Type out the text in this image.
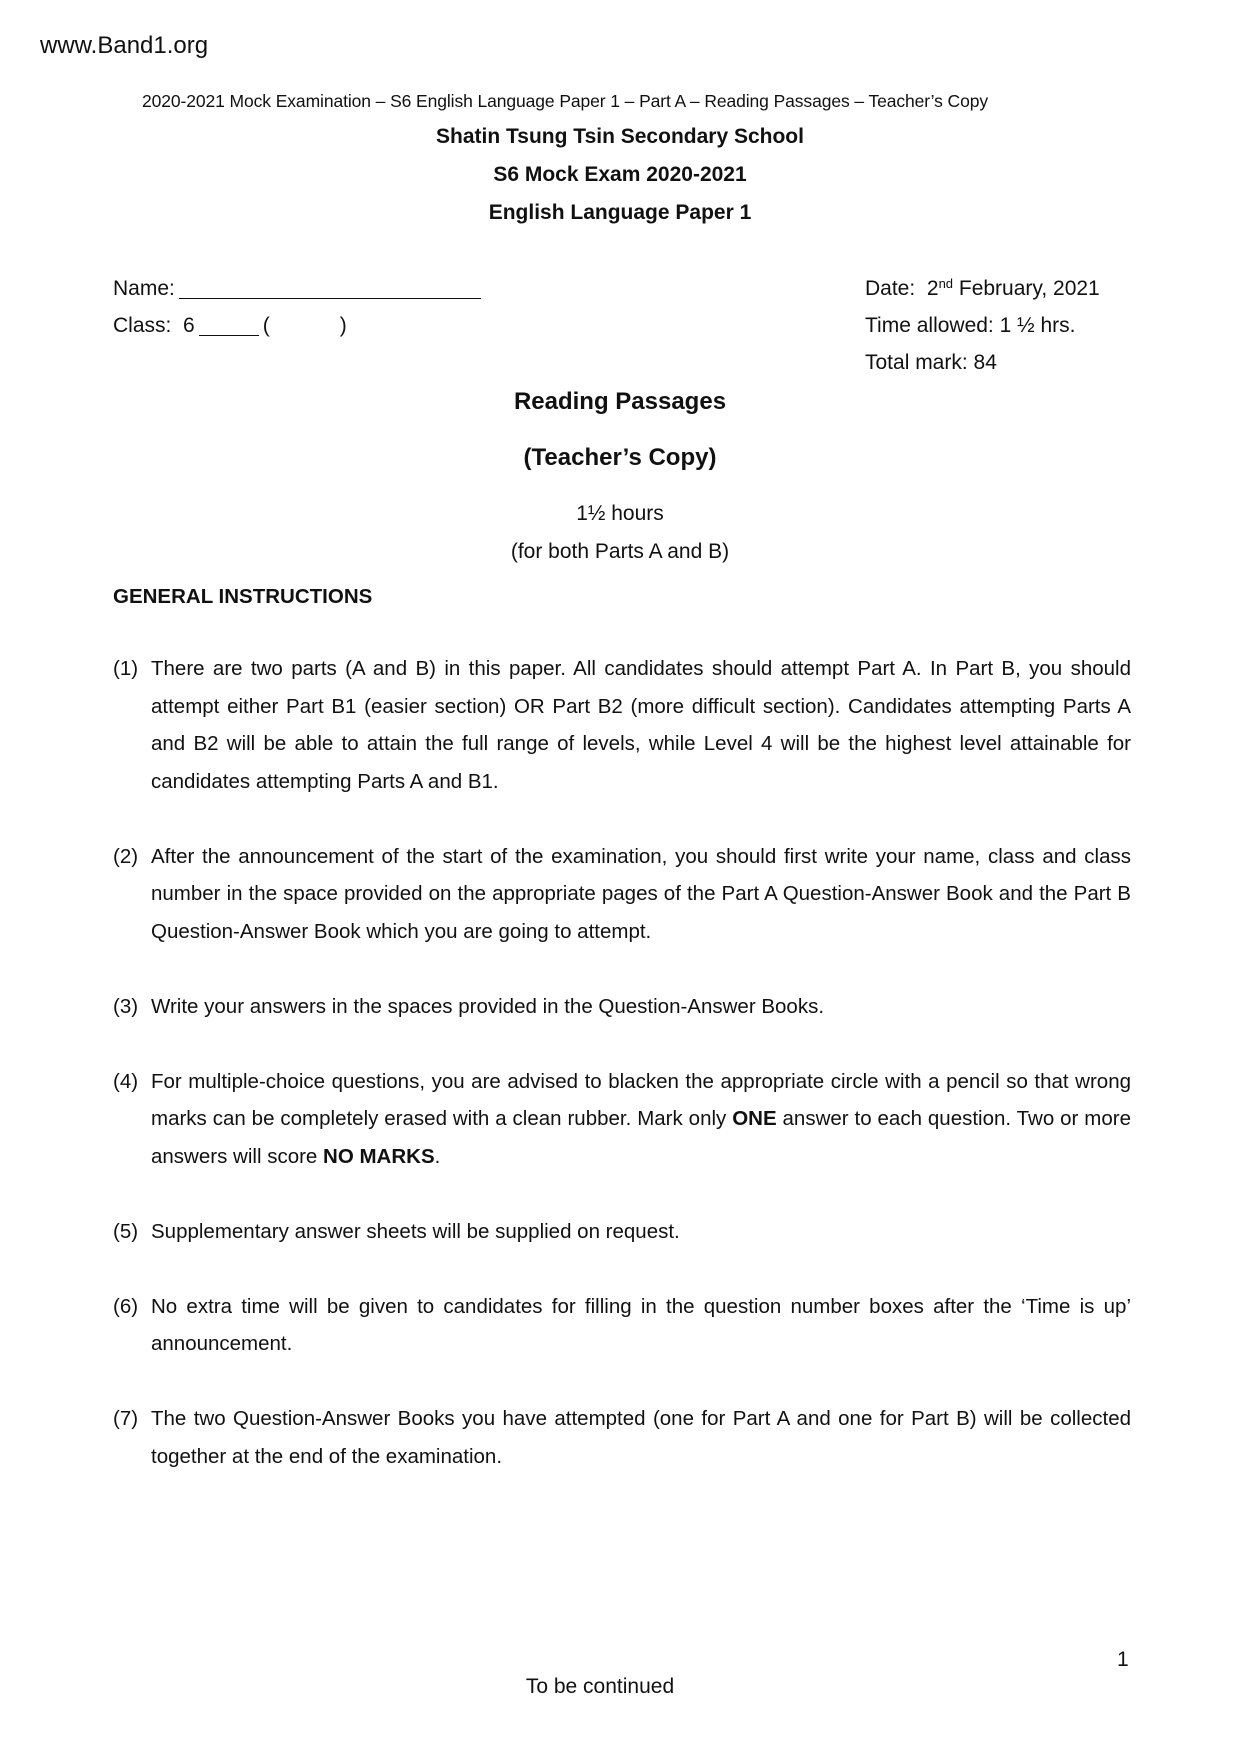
www.Band1.org
2020-2021 Mock Examination – S6 English Language Paper 1 – Part A – Reading Passages – Teacher’s Copy
Shatin Tsung Tsin Secondary School
S6 Mock Exam 2020-2021
English Language Paper 1
Name:
Class: 6	(	)
Date: 2nd February, 2021
Time allowed: 1 ½ hrs.
Total mark: 84
Reading Passages
(Teacher’s Copy)
1½ hours
(for both Parts A and B)
GENERAL INSTRUCTIONS
(1) There are two parts (A and B) in this paper. All candidates should attempt Part A. In Part B, you should attempt either Part B1 (easier section) OR Part B2 (more difficult section). Candidates attempting Parts A and B2 will be able to attain the full range of levels, while Level 4 will be the highest level attainable for candidates attempting Parts A and B1.
(2) After the announcement of the start of the examination, you should first write your name, class and class number in the space provided on the appropriate pages of the Part A Question-Answer Book and the Part B Question-Answer Book which you are going to attempt.
(3) Write your answers in the spaces provided in the Question-Answer Books.
(4) For multiple-choice questions, you are advised to blacken the appropriate circle with a pencil so that wrong marks can be completely erased with a clean rubber. Mark only ONE answer to each question. Two or more answers will score NO MARKS.
(5) Supplementary answer sheets will be supplied on request.
(6) No extra time will be given to candidates for filling in the question number boxes after the ‘Time is up’ announcement.
(7) The two Question-Answer Books you have attempted (one for Part A and one for Part B) will be collected together at the end of the examination.
1
To be continued
